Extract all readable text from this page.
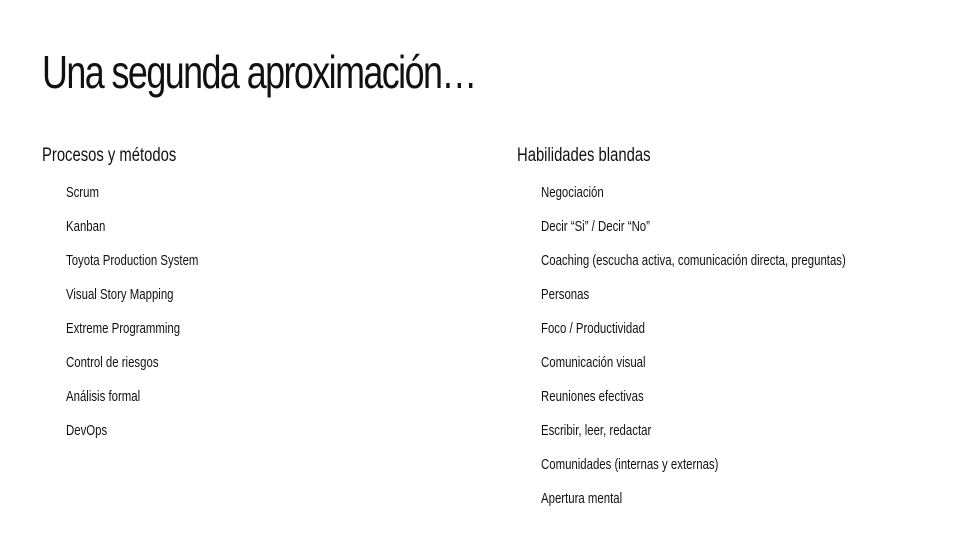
Una segunda aproximación…
Procesos y métodos
Scrum
Kanban
Toyota Production System
Visual Story Mapping
Extreme Programming
Control de riesgos
Análisis formal
DevOps
Habilidades blandas
Negociación
Decir “Si” / Decir “No”
Coaching (escucha activa, comunicación directa, preguntas)
Personas
Foco / Productividad
Comunicación visual
Reuniones efectivas
Escribir, leer, redactar
Comunidades (internas y externas)
Apertura mental
